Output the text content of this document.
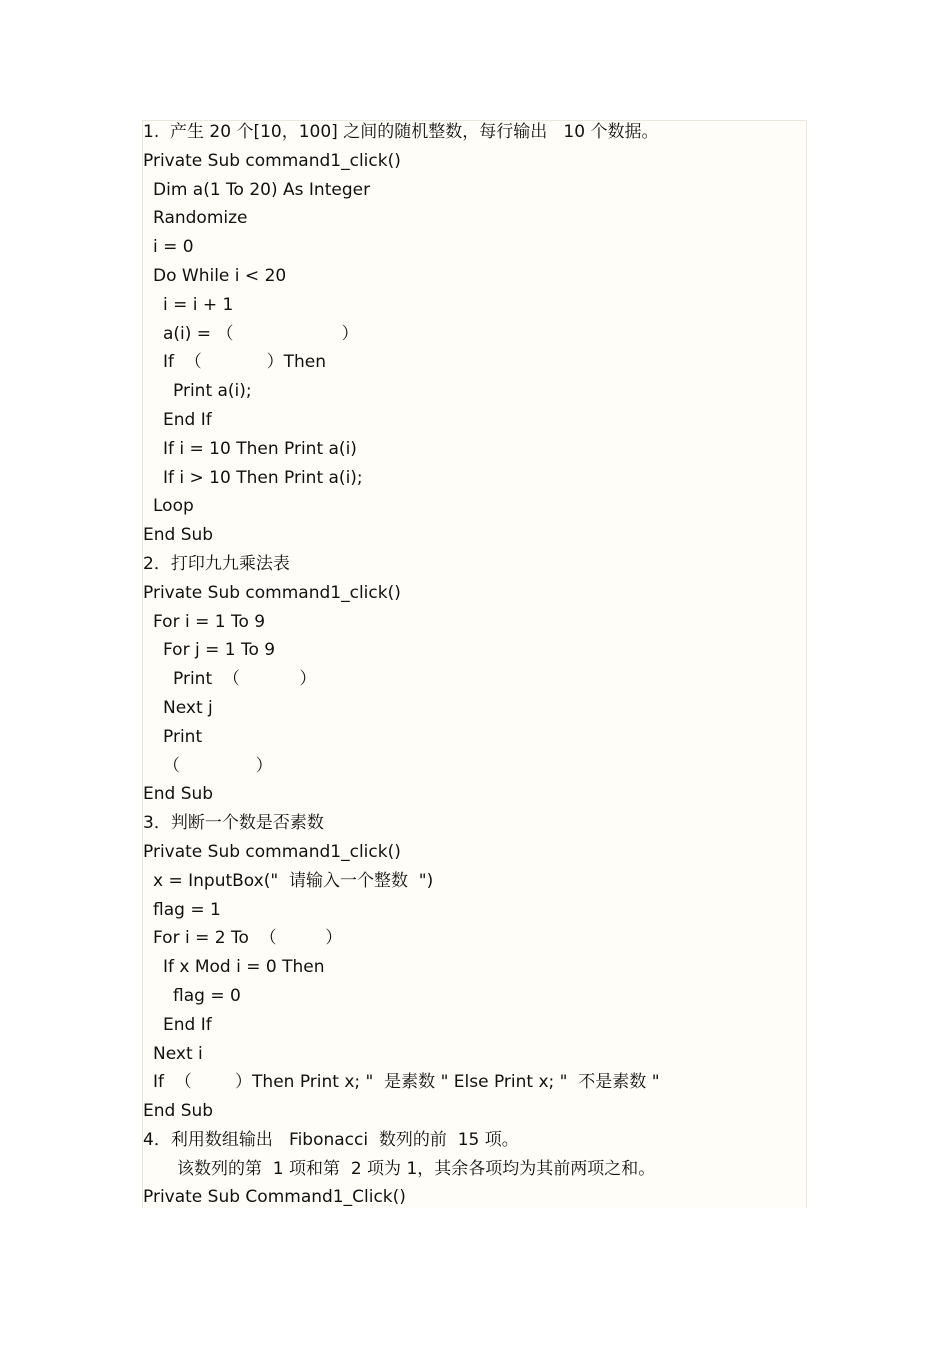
1.  产生 20 个[10，100] 之间的随机整数，每行输出   10 个数据。
Private Sub command1_click()
Dim a(1 To 20) As Integer
Randomize
i = 0
Do While i < 20
i = i + 1
a(i) = （                    ）
If  （            ）Then
Print a(i);
End If
If i = 10 Then Print a(i)
If i > 10 Then Print a(i);
Loop
End Sub
2．打印九九乘法表
Private Sub command1_click()
For i = 1 To 9
For j = 1 To 9
Print  （           ）
Next j
Print
（              ）
End Sub
3．判断一个数是否素数
Private Sub command1_click()
x = InputBox("  请输入一个整数  ")
flag = 1
For i = 2 To  （         ）
If x Mod i = 0 Then
flag = 0
End If
Next i
If  （        ）Then Print x; "  是素数 " Else Print x; "  不是素数 "
End Sub
4．利用数组输出   Fibonacci  数列的前  15 项。
该数列的第  1 项和第  2 项为 1，其余各项均为其前两项之和。
Private Sub Command1_Click()
